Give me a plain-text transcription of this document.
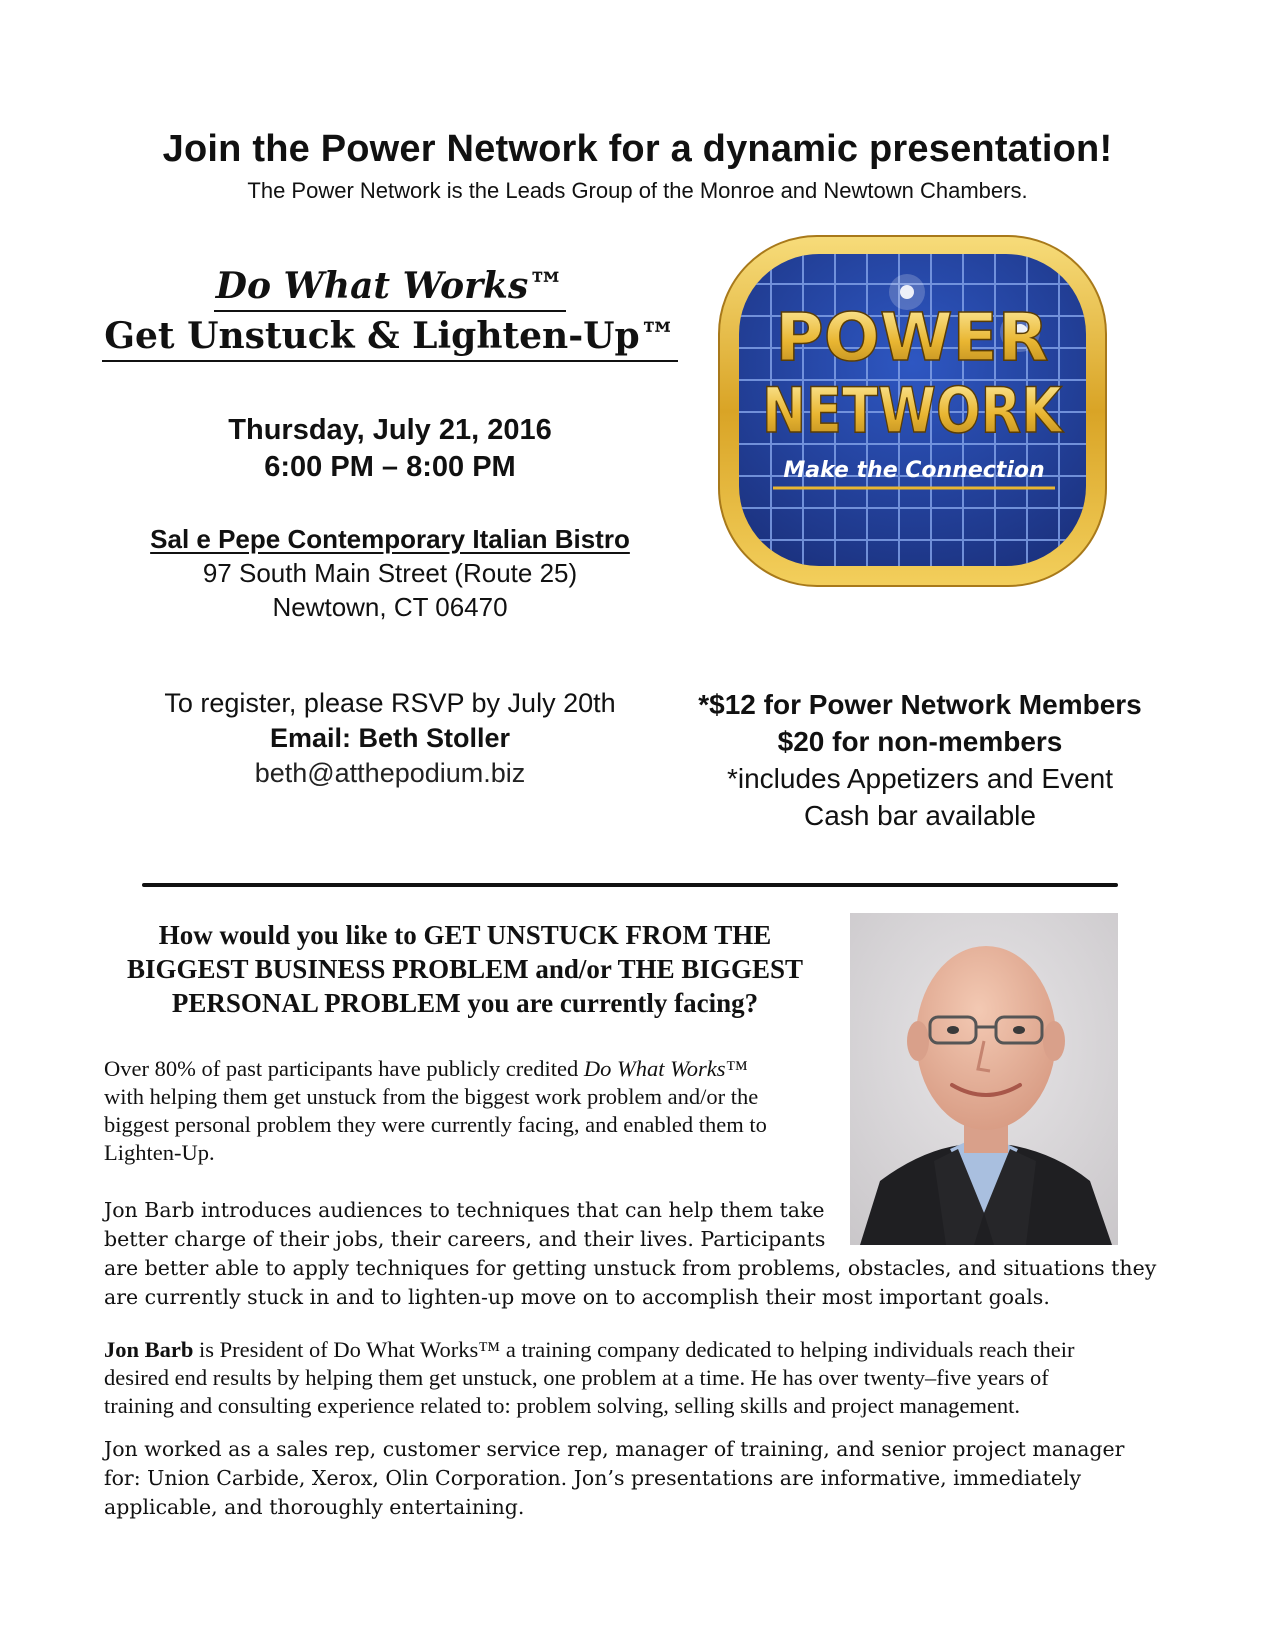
Join the Power Network for a dynamic presentation!
The Power Network is the Leads Group of the Monroe and Newtown Chambers.
Do What Works™
Get Unstuck & Lighten-Up™
Thursday, July 21, 2016
6:00 PM – 8:00 PM
Sal e Pepe Contemporary Italian Bistro
97 South Main Street (Route 25)
Newtown, CT 06470
POWER
NETWORK
Make the Connection
To register, please RSVP by July 20th
Email: Beth Stoller
beth@atthepodium.biz
*$12 for Power Network Members
$20 for non-members
*includes Appetizers and Event
Cash bar available
How would you like to GET UNSTUCK FROM THE
BIGGEST BUSINESS PROBLEM and/or THE BIGGEST
PERSONAL PROBLEM you are currently facing?
Over 80% of past participants have publicly credited Do What Works™
with helping them get unstuck from the biggest work problem and/or the
biggest personal problem they were currently facing, and enabled them to
Lighten-Up.
Jon Barb introduces audiences to techniques that can help them take
better charge of their jobs, their careers, and their lives. Participants
are better able to apply techniques for getting unstuck from problems, obstacles, and situations they
are currently stuck in and to lighten-up move on to accomplish their most important goals.
Jon Barb is President of Do What Works™ a training company dedicated to helping individuals reach their
desired end results by helping them get unstuck, one problem at a time. He has over twenty–five years of
training and consulting experience related to: problem solving, selling skills and project management.
Jon worked as a sales rep, customer service rep, manager of training, and senior project manager
for: Union Carbide, Xerox, Olin Corporation. Jon’s presentations are informative, immediately
applicable, and thoroughly entertaining.
